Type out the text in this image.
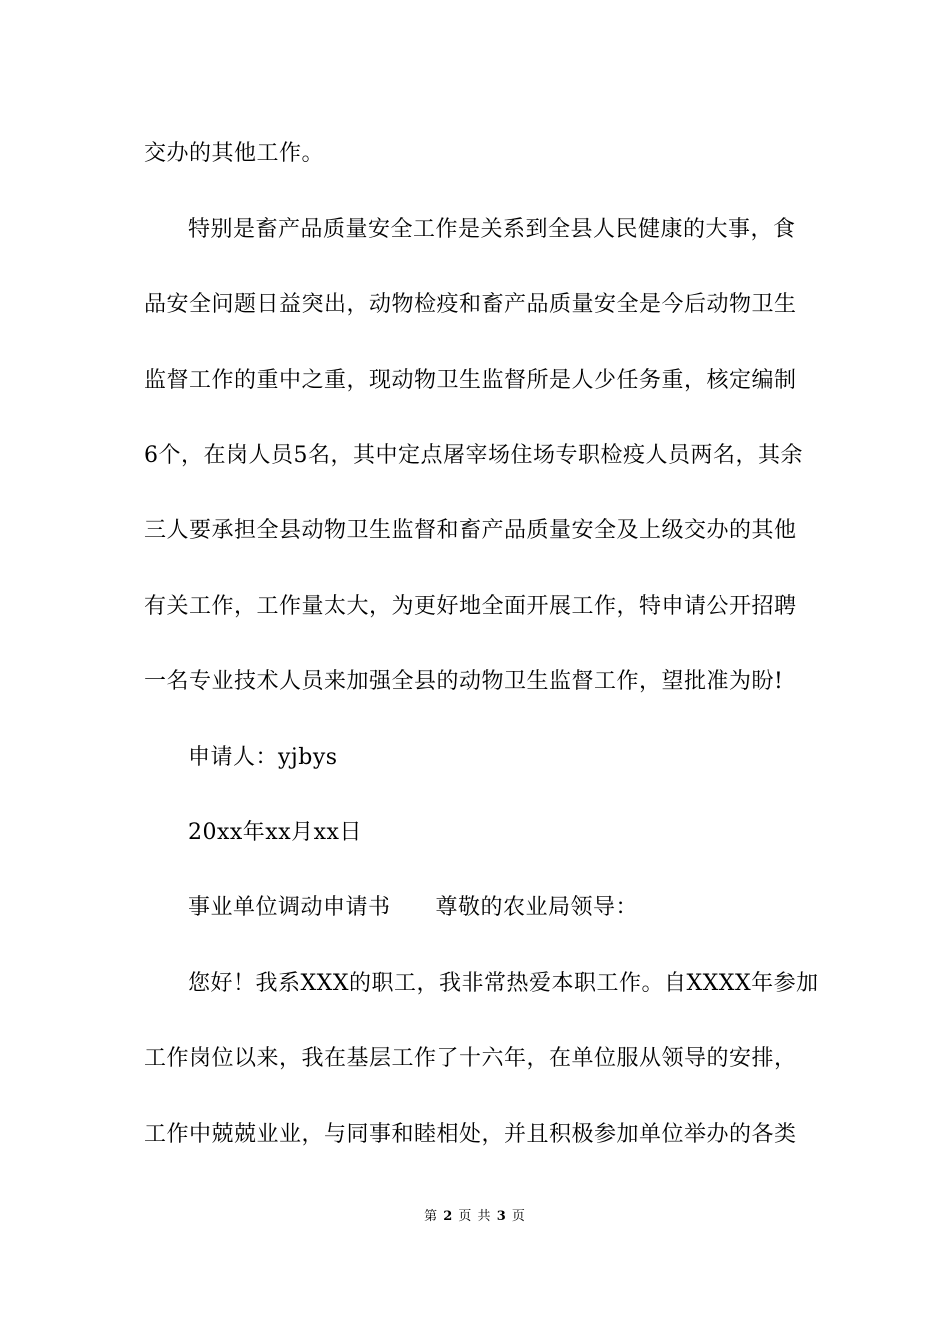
交办的其他工作。
特别是畜产品质量安全工作是关系到全县人民健康的大事，食
品安全问题日益突出，动物检疫和畜产品质量安全是今后动物卫生
监督工作的重中之重，现动物卫生监督所是人少任务重，核定编制
6个，在岗人员5名，其中定点屠宰场住场专职检疫人员两名，其余
三人要承担全县动物卫生监督和畜产品质量安全及上级交办的其他
有关工作，工作量太大，为更好地全面开展工作，特申请公开招聘
一名专业技术人员来加强全县的动物卫生监督工作，望批准为盼!
申请人：yjbys
20xx年xx月xx日
事业单位调动申请书　　尊敬的农业局领导：
您好！我系XXX的职工，我非常热爱本职工作。自XXXX年参加
工作岗位以来，我在基层工作了十六年，在单位服从领导的安排，
工作中兢兢业业，与同事和睦相处，并且积极参加单位举办的各类
第 2 页 共 3 页
